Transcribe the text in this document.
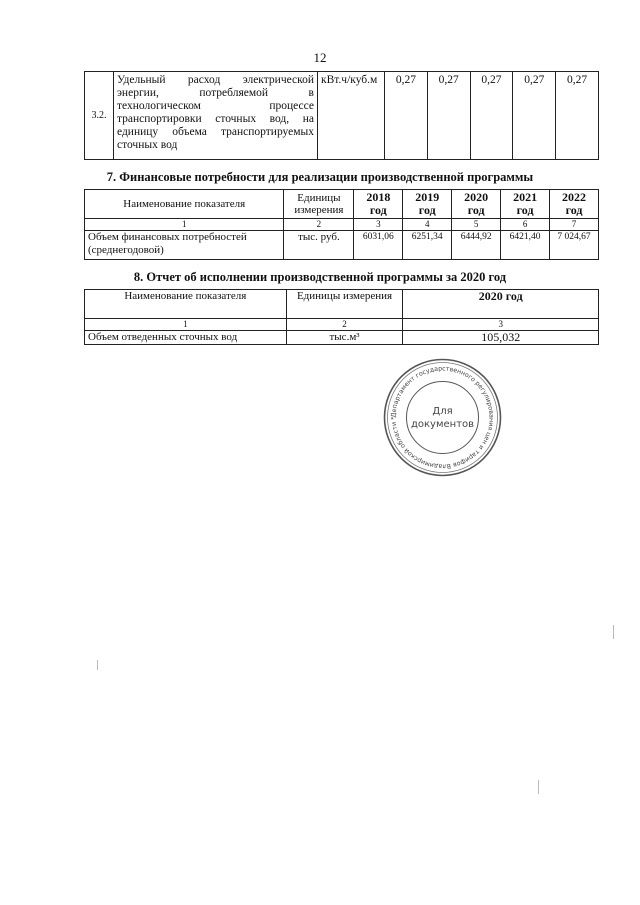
12
3.2.	Удельный расход электрической энергии, потребляемой в технологическом процессе транспортировки сточных вод, на единицу объема транспортируемых сточных вод	кВт.ч/куб.м	0,27	0,27	0,27	0,27	0,27
7. Финансовые потребности для реализации производственной программы
Наименование показателя	Единицы измерения	2018 год	2019 год	2020 год	2021 год	2022 год
1	2	3	4	5	6	7
Объем финансовых потребностей (среднегодовой)	тыс. руб.	6031,06	6251,34	6444,92	6421,40	7 024,67
8. Отчет об исполнении производственной программы за 2020 год
Наименование показателя	Единицы измерения	2020 год
1	2	3
Объем отведенных сточных вод	тыс.м³	105,032
Департамент государственного регулирования цен и тарифов Владимирской области *
Для
документов
